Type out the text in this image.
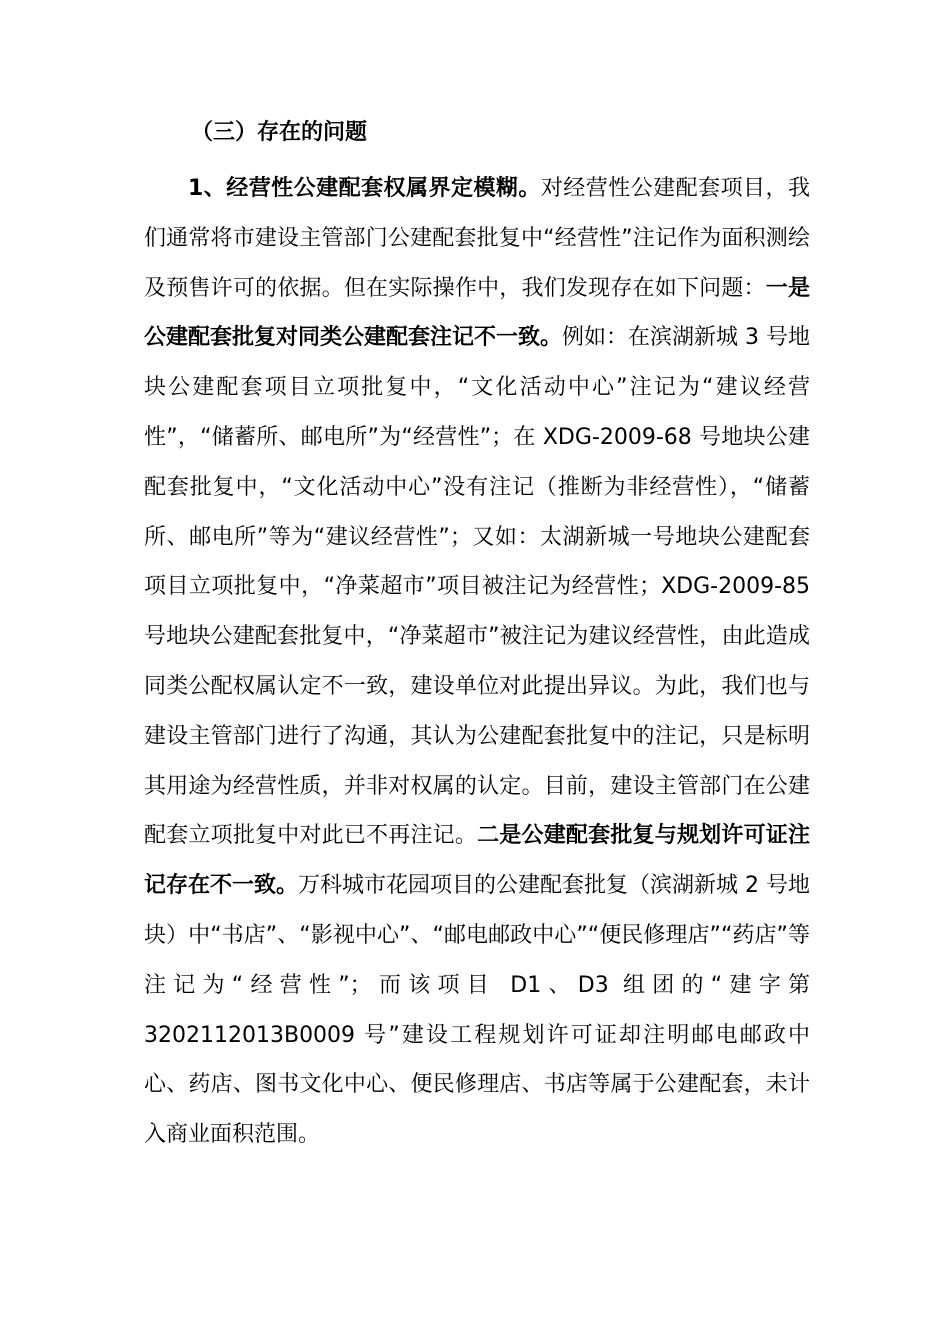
（三）存在的问题

1、经营性公建配套权属界定模糊。对经营性公建配套项目，我们通常将市建设主管部门公建配套批复中“经营性”注记作为面积测绘及预售许可的依据。但在实际操作中，我们发现存在如下问题：一是公建配套批复对同类公建配套注记不一致。例如：在滨湖新城 3 号地块公建配套项目立项批复中，“文化活动中心”注记为“建议经营性”，“储蓄所、邮电所”为“经营性”；在 XDG-2009-68 号地块公建配套批复中，“文化活动中心”没有注记（推断为非经营性），“储蓄所、邮电所”等为“建议经营性”；又如：太湖新城一号地块公建配套项目立项批复中，“净菜超市”项目被注记为经营性；XDG-2009-85 号地块公建配套批复中，“净菜超市”被注记为建议经营性，由此造成同类公配权属认定不一致，建设单位对此提出异议。为此，我们也与建设主管部门进行了沟通，其认为公建配套批复中的注记，只是标明其用途为经营性质，并非对权属的认定。目前，建设主管部门在公建配套立项批复中对此已不再注记。二是公建配套批复与规划许可证注记存在不一致。万科城市花园项目的公建配套批复（滨湖新城 2 号地块）中“书店”、“影视中心”、“邮电邮政中心”“便民修理店”“药店”等注记为“经营性”；而该项目 D1、D3 组团的“建字第 3202112013B0009 号”建设工程规划许可证却注明邮电邮政中心、药店、图书文化中心、便民修理店、书店等属于公建配套，未计入商业面积范围。
